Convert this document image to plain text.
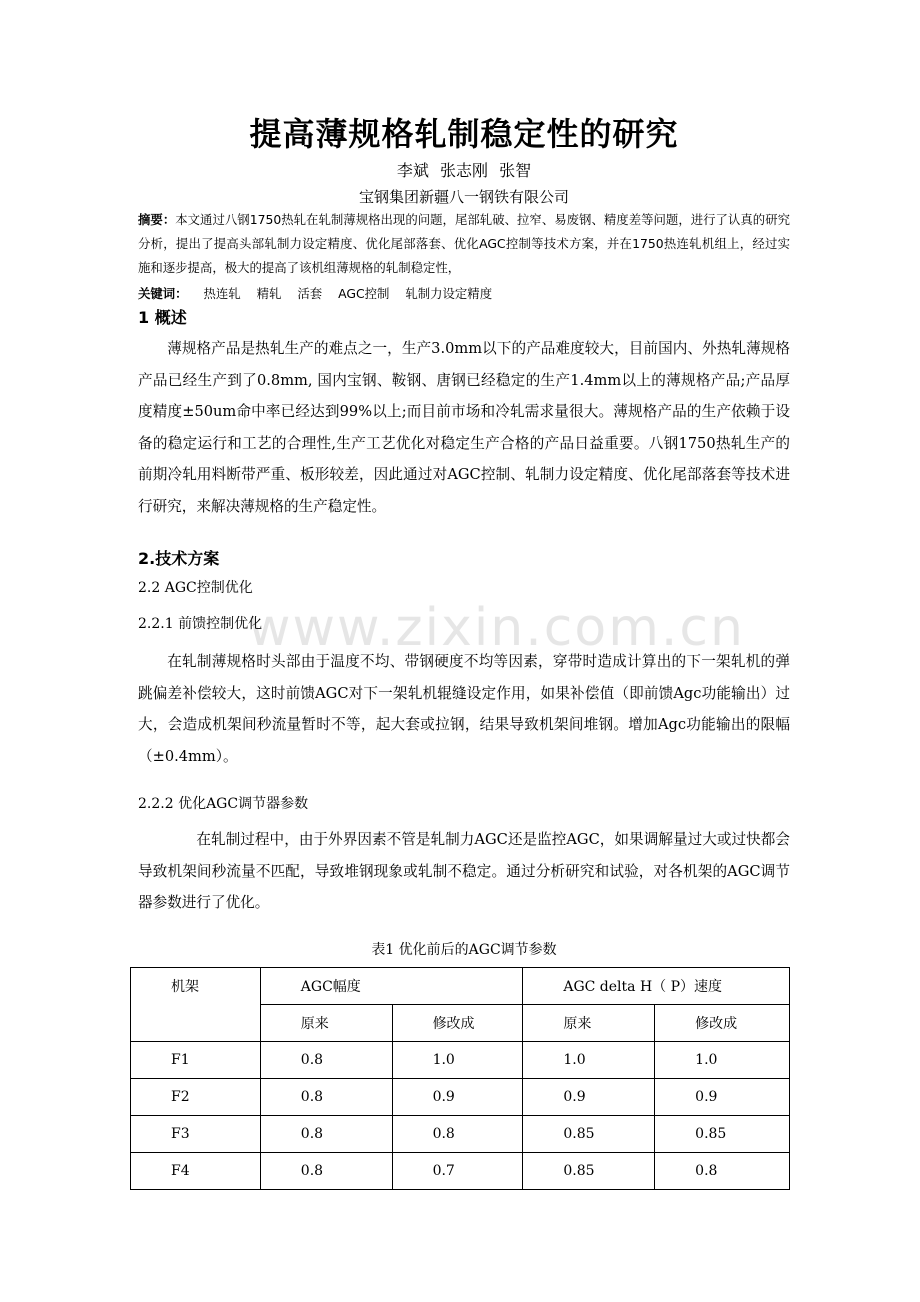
www.zixin.com.cn
提高薄规格轧制稳定性的研究
李斌 张志刚 张智
宝钢集团新疆八一钢铁有限公司
摘要：本文通过八钢1750热轧在轧制薄规格出现的问题，尾部轧破、拉窄、易废钢、精度差等问题，进行了认真的研究分析，提出了提高头部轧制力设定精度、优化尾部落套、优化AGC控制等技术方案，并在1750热连轧机组上，经过实施和逐步提高，极大的提高了该机组薄规格的轧制稳定性，
关键词： 热连轧 精轧 活套 AGC控制 轧制力设定精度
1 概述
薄规格产品是热轧生产的难点之一，生产3.0mm以下的产品难度较大，目前国内、外热轧薄规格产品已经生产到了0.8mm, 国内宝钢、鞍钢、唐钢已经稳定的生产1.4mm以上的薄规格产品;产品厚度精度±50um命中率已经达到99%以上;而目前市场和冷轧需求量很大。薄规格产品的生产依赖于设备的稳定运行和工艺的合理性,生产工艺优化对稳定生产合格的产品日益重要。八钢1750热轧生产的前期冷轧用料断带严重、板形较差，因此通过对AGC控制、轧制力设定精度、优化尾部落套等技术进行研究，来解决薄规格的生产稳定性。
2.技术方案
2.2 AGC控制优化
2.2.1 前馈控制优化
在轧制薄规格时头部由于温度不均、带钢硬度不均等因素，穿带时造成计算出的下一架轧机的弹跳偏差补偿较大，这时前馈AGC对下一架轧机辊缝设定作用，如果补偿值（即前馈Agc功能输出）过大，会造成机架间秒流量暂时不等，起大套或拉钢，结果导致机架间堆钢。增加Agc功能输出的限幅（±0.4mm）。
2.2.2 优化AGC调节器参数
在轧制过程中，由于外界因素不管是轧制力AGC还是监控AGC，如果调解量过大或过快都会导致机架间秒流量不匹配，导致堆钢现象或轧制不稳定。通过分析研究和试验，对各机架的AGC调节器参数进行了优化。
表1 优化前后的AGC调节参数
机架	AGC幅度		AGC delta H（ P）速度	
	原来	修改成	原来	修改成
F1	0.8	1.0	1.0	1.0
F2	0.8	0.9	0.9	0.9
F3	0.8	0.8	0.85	0.85
F4	0.8	0.7	0.85	0.8
